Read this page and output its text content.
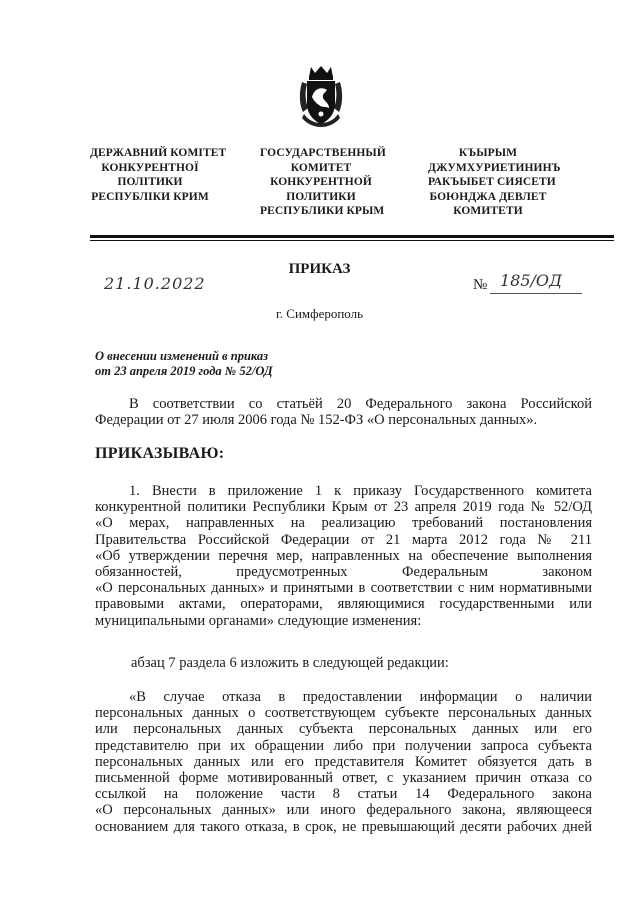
ДЕРЖАВНИЙ КОМІТЕТ
КОНКУРЕНТНОЇ
ПОЛІТИКИ
РЕСПУБЛІКИ КРИМ
ГОСУДАРСТВЕННЫЙ
КОМИТЕТ
КОНКУРЕНТНОЙ
ПОЛИТИКИ
РЕСПУБЛИКИ КРЫМ
КЪЫРЫМ
ДЖУМХУРИЕТИНИНЪ
РАКЪЫБЕТ СИЯСЕТИ
БОЮНДЖА ДЕВЛЕТ
КОМИТЕТИ
ПРИКАЗ
21.10.2022	№ 185/ОД
г. Симферополь
О внесении изменений в приказ
от 23 апреля 2019 года № 52/ОД
В соответствии со статьёй 20 Федерального закона Российской
Федерации от 27 июля 2006 года № 152-ФЗ «О персональных данных».
ПРИКАЗЫВАЮ:
1. Внести в приложение 1 к приказу Государственного комитета
конкурентной политики Республики Крым от 23 апреля 2019 года № 52/ОД
«О мерах, направленных на реализацию требований постановления
Правительства Российской Федерации от 21 марта 2012 года № 211
«Об утверждении перечня мер, направленных на обеспечение выполнения
обязанностей, предусмотренных Федеральным законом
«О персональных данных» и принятыми в соответствии с ним нормативными
правовыми актами, операторами, являющимися государственными или
муниципальными органами» следующие изменения:
абзац 7 раздела 6 изложить в следующей редакции:
«В случае отказа в предоставлении информации о наличии
персональных данных о соответствующем субъекте персональных данных
или персональных данных субъекта персональных данных или его
представителю при их обращении либо при получении запроса субъекта
персональных данных или его представителя Комитет обязуется дать в
письменной форме мотивированный ответ, с указанием причин отказа со
ссылкой на положение части 8 статьи 14 Федерального закона
«О персональных данных» или иного федерального закона, являющееся
основанием для такого отказа, в срок, не превышающий десяти рабочих дней
